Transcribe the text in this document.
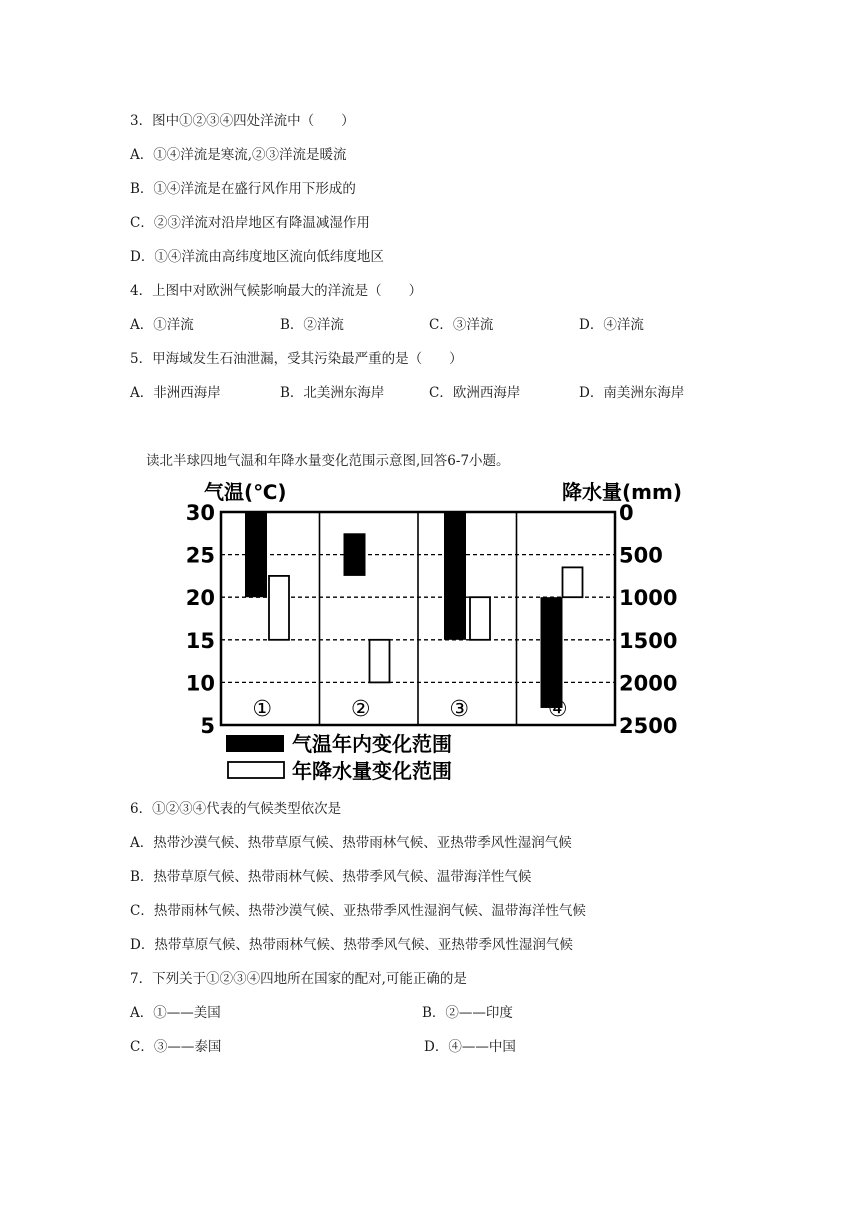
3．图中①②③④四处洋流中（　　）
A．①④洋流是寒流,②③洋流是暖流
B．①④洋流是在盛行风作用下形成的
C．②③洋流对沿岸地区有降温减湿作用
D．①④洋流由高纬度地区流向低纬度地区
4．上图中对欧洲气候影响最大的洋流是（　　）
A．①洋流	B．②洋流	C．③洋流	D．④洋流
5．甲海域发生石油泄漏，受其污染最严重的是（　　）
A．非洲西海岸	B．北美洲东海岸	C．欧洲西海岸	D．南美洲东海岸
读北半球四地气温和年降水量变化范围示意图,回答6-7小题。
30
25
20
15
10
5
0
500
1000
1500
2000
2500
气温(℃)	降水量(mm)
①	②	③	④
气温年内变化范围
年降水量变化范围
6．①②③④代表的气候类型依次是
A．热带沙漠气候、热带草原气候、热带雨林气候、亚热带季风性湿润气候
B．热带草原气候、热带雨林气候、热带季风气候、温带海洋性气候
C．热带雨林气候、热带沙漠气候、亚热带季风性湿润气候、温带海洋性气候
D．热带草原气候、热带雨林气候、热带季风气候、亚热带季风性湿润气候
7．下列关于①②③④四地所在国家的配对,可能正确的是
A．①——美国	B．②——印度
C．③——泰国	D．④——中国
